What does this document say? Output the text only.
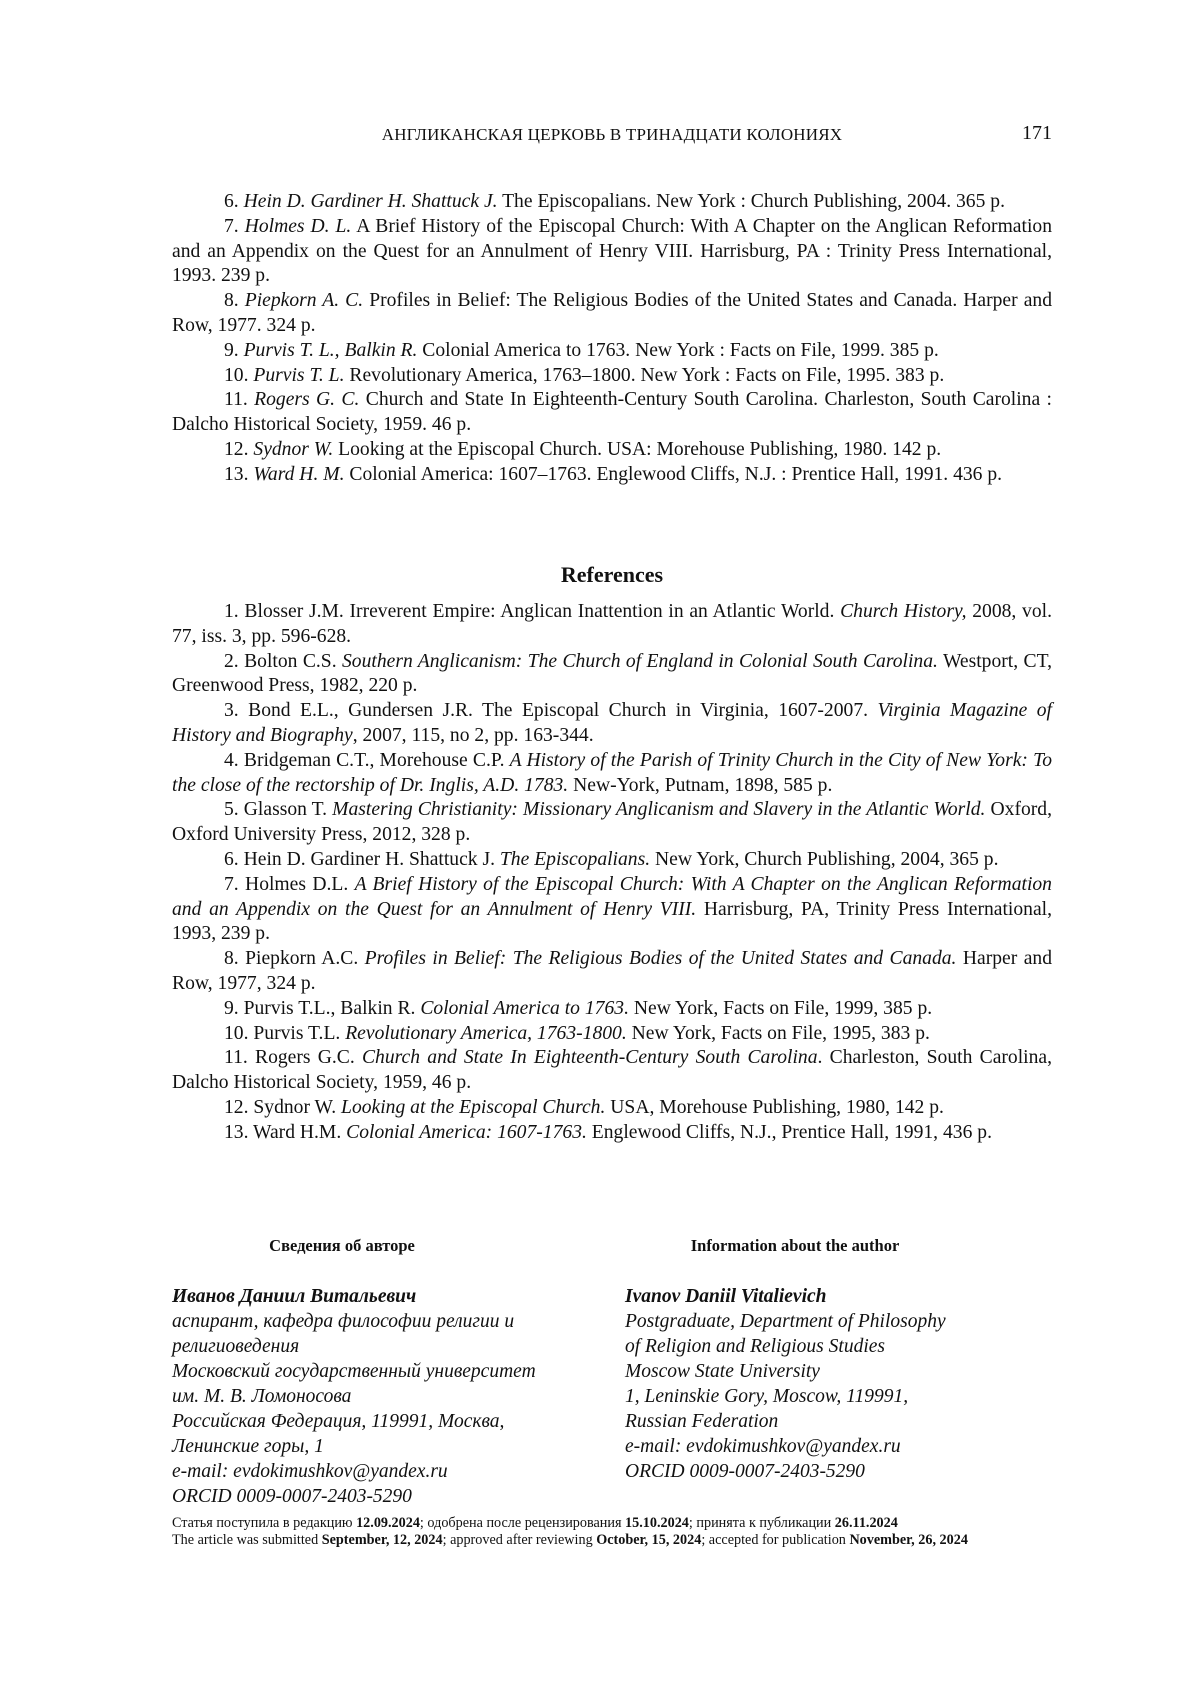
АНГЛИКАНСКАЯ ЦЕРКОВЬ В ТРИНАДЦАТИ КОЛОНИЯХ	171

6. Hein D. Gardiner H. Shattuck J. The Episcopalians. New York : Church Publishing, 2004. 365 p.

7. Holmes D. L. A Brief History of the Episcopal Church: With A Chapter on the Anglican Reformation and an Appendix on the Quest for an Annulment of Henry VIII. Harrisburg, PA : Trinity Press International, 1993. 239 p.

8. Piepkorn A. C. Profiles in Belief: The Religious Bodies of the United States and Canada. Harper and Row, 1977. 324 p.

9. Purvis T. L., Balkin R. Colonial America to 1763. New York : Facts on File, 1999. 385 p.

10. Purvis T. L. Revolutionary America, 1763–1800. New York : Facts on File, 1995. 383 p.

11. Rogers G. C. Church and State In Eighteenth-Century South Carolina. Charleston, South Carolina : Dalcho Historical Society, 1959. 46 p.

12. Sydnor W. Looking at the Episcopal Church. USA: Morehouse Publishing, 1980. 142 p.

13. Ward H. M. Colonial America: 1607–1763. Englewood Cliffs, N.J. : Prentice Hall, 1991. 436 p.

References

1. Blosser J.M. Irreverent Empire: Anglican Inattention in an Atlantic World. Church History, 2008, vol. 77, iss. 3, pp. 596-628.

2. Bolton C.S. Southern Anglicanism: The Church of England in Colonial South Carolina. Westport, CT, Greenwood Press, 1982, 220 p.

3. Bond E.L., Gundersen J.R. The Episcopal Church in Virginia, 1607-2007. Virginia Magazine of History and Biography, 2007, 115, no 2, pp. 163-344.

4. Bridgeman C.T., Morehouse C.P. A History of the Parish of Trinity Church in the City of New York: To the close of the rectorship of Dr. Inglis, A.D. 1783. New-York, Putnam, 1898, 585 p.

5. Glasson T. Mastering Christianity: Missionary Anglicanism and Slavery in the Atlantic World. Oxford, Oxford University Press, 2012, 328 p.

6. Hein D. Gardiner H. Shattuck J. The Episcopalians. New York, Church Publishing, 2004, 365 p.

7. Holmes D.L. A Brief History of the Episcopal Church: With A Chapter on the Anglican Reformation and an Appendix on the Quest for an Annulment of Henry VIII. Harrisburg, PA, Trinity Press International, 1993, 239 p.

8. Piepkorn A.C. Profiles in Belief: The Religious Bodies of the United States and Canada. Harper and Row, 1977, 324 p.

9. Purvis T.L., Balkin R. Colonial America to 1763. New York, Facts on File, 1999, 385 p.

10. Purvis T.L. Revolutionary America, 1763-1800. New York, Facts on File, 1995, 383 p.

11. Rogers G.C. Church and State In Eighteenth-Century South Carolina. Charleston, South Carolina, Dalcho Historical Society, 1959, 46 p.

12. Sydnor W. Looking at the Episcopal Church. USA, Morehouse Publishing, 1980, 142 p.

13. Ward H.M. Colonial America: 1607-1763. Englewood Cliffs, N.J., Prentice Hall, 1991, 436 p.

Сведения об авторе

Иванов Даниил Витальевич

аспирант, кафедра философии религии и

религиоведения

Московский государственный университет

им. М. В. Ломоносова

Российская Федерация, 119991, Москва,

Ленинские горы, 1

e-mail: evdokimushkov@yandex.ru

ORCID 0009-0007-2403-5290

Information about the author

Ivanov Daniil Vitalievich

Postgraduate, Department of Philosophy

of Religion and Religious Studies

Moscow State University

1, Leninskie Gory, Moscow, 119991,

Russian Federation

e-mail: evdokimushkov@yandex.ru

ORCID 0009-0007-2403-5290

Статья поступила в редакцию 12.09.2024; одобрена после рецензирования 15.10.2024; принята к публикации 26.11.2024

The article was submitted September, 12, 2024; approved after reviewing October, 15, 2024; accepted for publication November, 26, 2024
